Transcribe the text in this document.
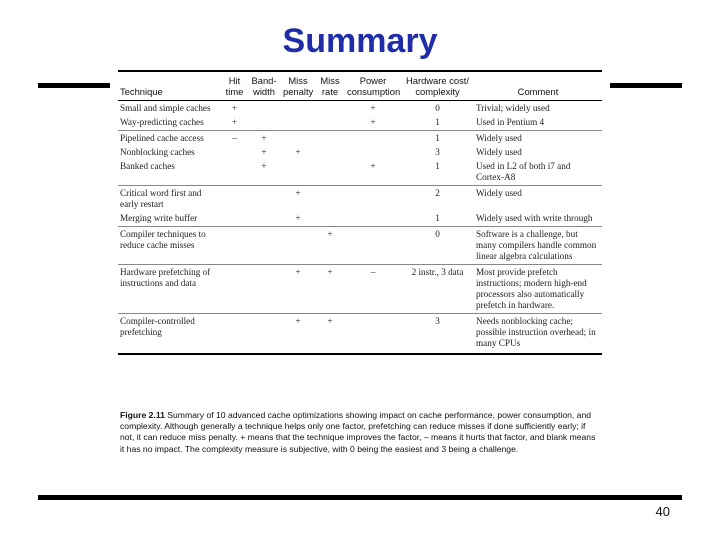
Summary
Technique	Hit time	Band- width	Miss penalty	Miss rate	Power consumption	Hardware cost/ complexity	Comment
Small and simple caches	+				+	0	Trivial; widely used
Way-predicting caches	+				+	1	Used in Pentium 4
Pipelined cache access	–	+				1	Widely used
Nonblocking caches		+	+			3	Widely used
Banked caches		+			+	1	Used in L2 of both i7 and Cortex-A8
Critical word first and early restart			+			2	Widely used
Merging write buffer			+			1	Widely used with write through
Compiler techniques to reduce cache misses				+		0	Software is a challenge, but many compilers handle common linear algebra calculations
Hardware prefetching of instructions and data			+	+	–	2 instr., 3 data	Most provide prefetch instructions; modern high-end processors also automatically prefetch in hardware.
Compiler-controlled prefetching			+	+		3	Needs nonblocking cache; possible instruction overhead; in many CPUs
Figure 2.11 Summary of 10 advanced cache optimizations showing impact on cache performance, power consumption, and complexity. Although generally a technique helps only one factor, prefetching can reduce misses if done sufficiently early; if not, it can reduce miss penalty. + means that the technique improves the factor, – means it hurts that factor, and blank means it has no impact. The complexity measure is subjective, with 0 being the easiest and 3 being a challenge.
40
